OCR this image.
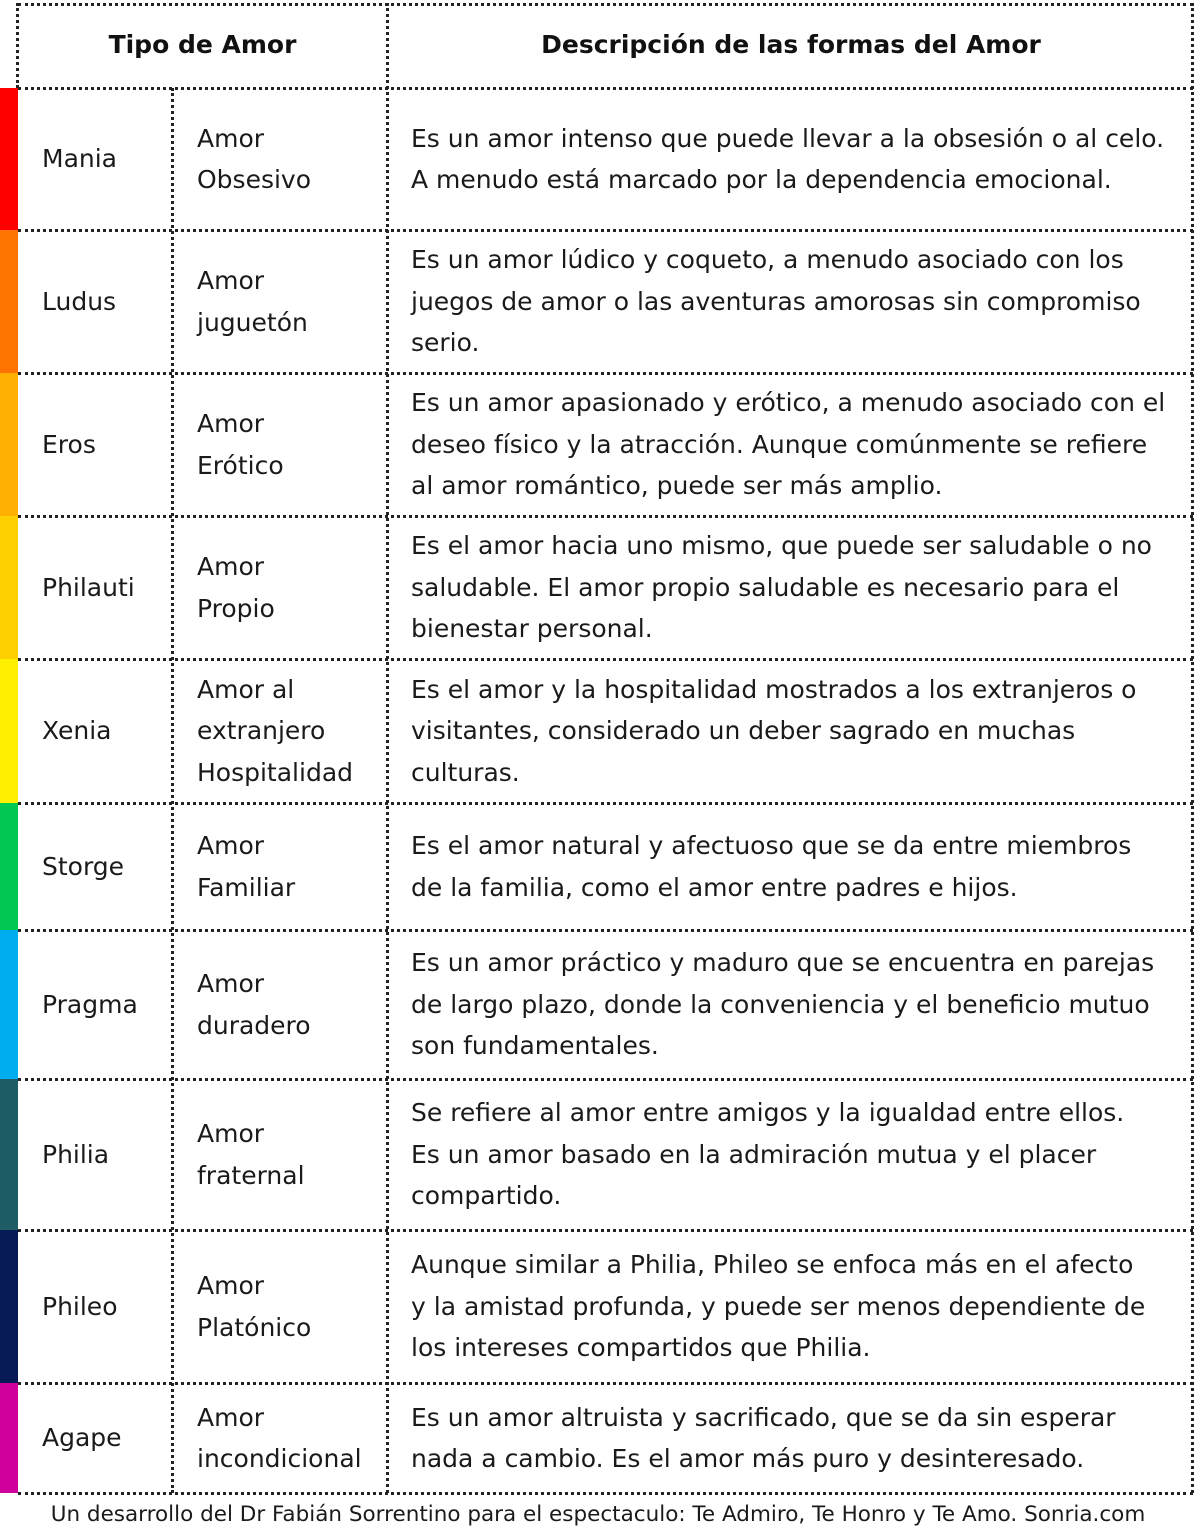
Tipo de Amor	Descripción de las formas del Amor
Mania
Amor
Obsesivo
Es un amor intenso que puede llevar a la obsesión o al celo.
A menudo está marcado por la dependencia emocional.
Ludus
Amor
juguetón
Es un amor lúdico y coqueto, a menudo asociado con los
juegos de amor o las aventuras amorosas sin compromiso
serio.
Eros
Amor
Erótico
Es un amor apasionado y erótico, a menudo asociado con el
deseo físico y la atracción. Aunque comúnmente se refiere
al amor romántico, puede ser más amplio.
Philauti
Amor
Propio
Es el amor hacia uno mismo, que puede ser saludable o no
saludable. El amor propio saludable es necesario para el
bienestar personal.
Xenia
Amor al
extranjero
Hospitalidad
Es el amor y la hospitalidad mostrados a los extranjeros o
visitantes, considerado un deber sagrado en muchas
culturas.
Storge
Amor
Familiar
Es el amor natural y afectuoso que se da entre miembros
de la familia, como el amor entre padres e hijos.
Pragma
Amor
duradero
Es un amor práctico y maduro que se encuentra en parejas
de largo plazo, donde la conveniencia y el beneficio mutuo
son fundamentales.
Philia
Amor
fraternal
Se refiere al amor entre amigos y la igualdad entre ellos.
Es un amor basado en la admiración mutua y el placer
compartido.
Phileo
Amor
Platónico
Aunque similar a Philia, Phileo se enfoca más en el afecto
y la amistad profunda, y puede ser menos dependiente de
los intereses compartidos que Philia.
Agape
Amor
incondicional
Es un amor altruista y sacrificado, que se da sin esperar
nada a cambio. Es el amor más puro y desinteresado.
Un desarrollo del Dr Fabián Sorrentino para el espectaculo: Te Admiro, Te Honro y Te Amo. Sonria.com
